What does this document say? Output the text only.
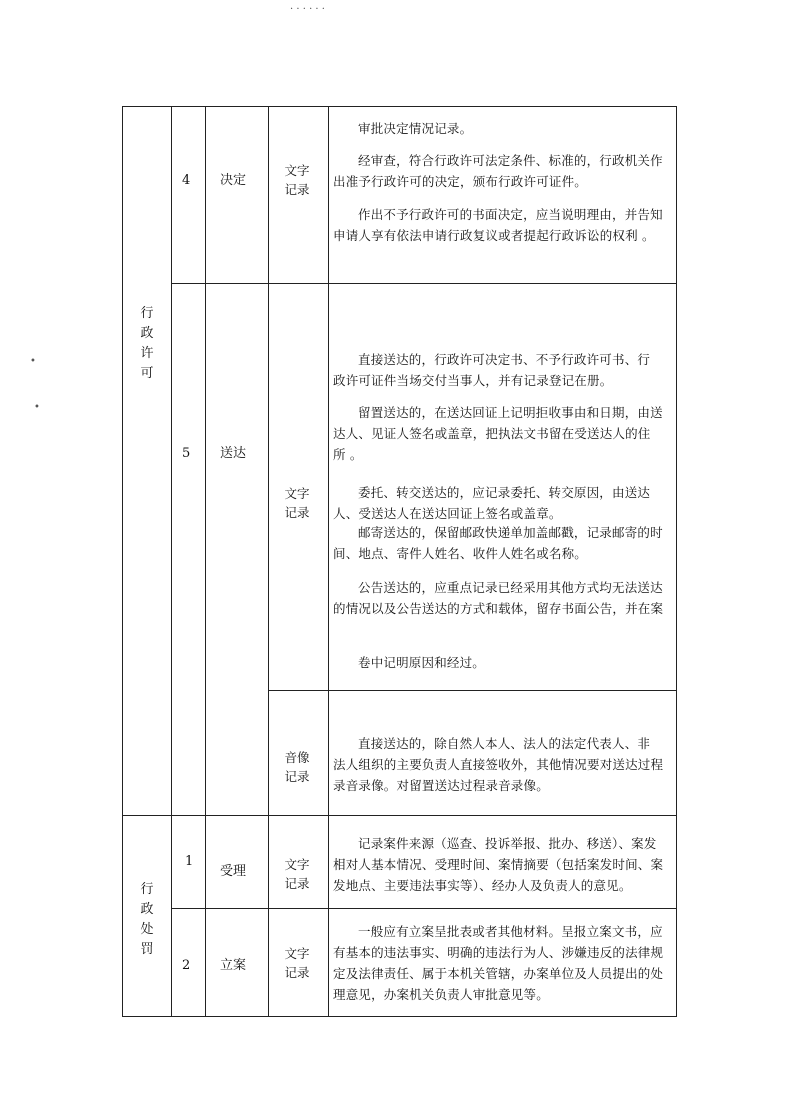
· · · · · ·
•
•
行政许可
行政处罚
4 决定
文字记录
审批决定情况记录。
经审查，符合行政许可法定条件、标准的，行政机关作出准予行政许可的决定，颁布行政许可证件。
作出不予行政许可的书面决定，应当说明理由，并告知申请人享有依法申请行政复议或者提起行政诉讼的权利 。
5 送达
文字记录
直接送达的，行政许可决定书、不予行政许可书、行 政许可证件当场交付当事人，并有记录登记在册。
留置送达的，在送达回证上记明拒收事由和日期，由送达人、见证人签名或盖章，把执法文书留在受送达人的住 所 。
委托、转交送达的，应记录委托、转交原因，由送达人、受送达人在送达回证上签名或盖章。
邮寄送达的，保留邮政快递单加盖邮戳，记录邮寄的时间、地点、寄件人姓名、收件人姓名或名称。
公告送达的，应重点记录已经采用其他方式均无法送达的情况以及公告送达的方式和载体，留存书面公告，并在案
卷中记明原因和经过。
音像记录
直接送达的，除自然人本人、法人的法定代表人、非 法人组织的主要负责人直接签收外，其他情况要对送达过程录音录像。对留置送达过程录音录像。
1
受理	文字记录
记录案件来源（巡查、投诉举报、批办、移送）、案发相对人基本情况、受理时间、案情摘要（包括案发时间、案发地点、主要违法事实等）、经办人及负责人的意见。
2 立案
文字记录
一般应有立案呈批表或者其他材料。呈报立案文书，应有基本的违法事实、明确的违法行为人、涉嫌违反的法律规定及法律责任、属于本机关管辖，办案单位及人员提出的处理意见，办案机关负责人审批意见等。
